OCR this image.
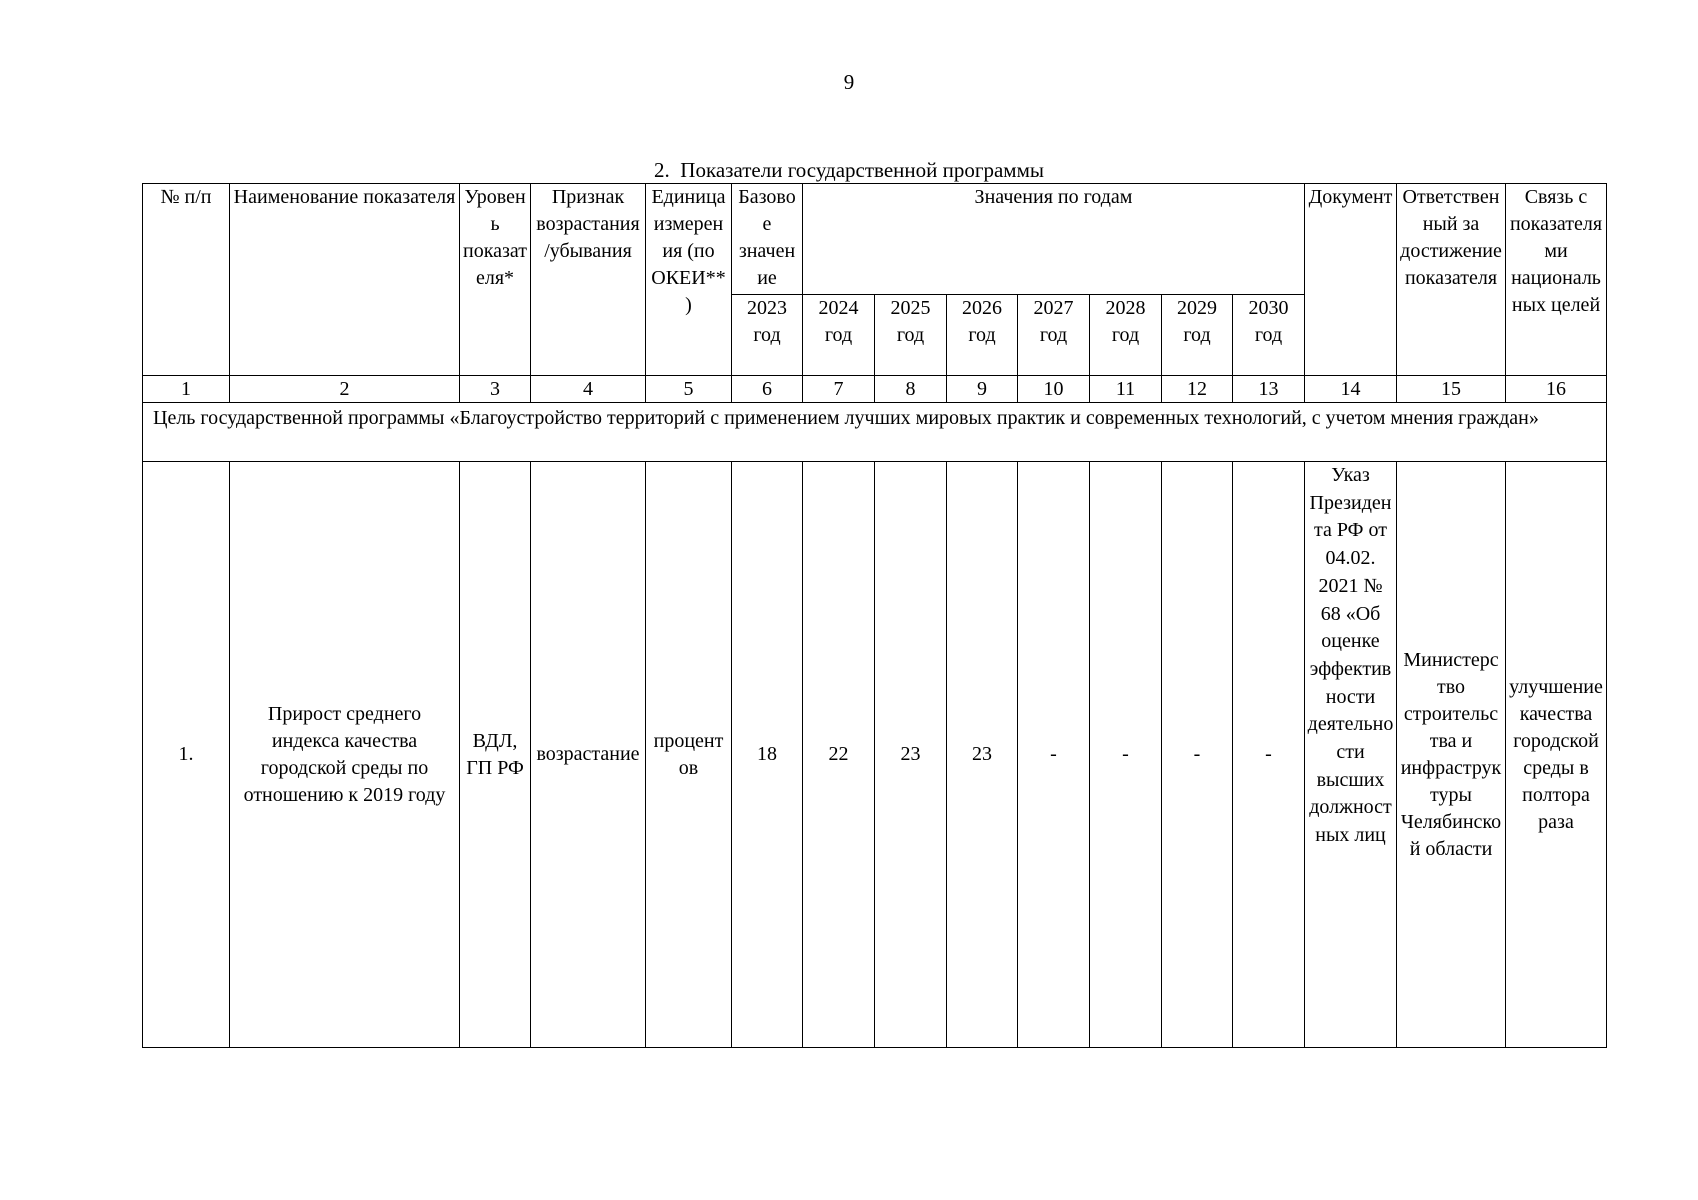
9
2.  Показатели государственной программы
№ п/п	Наименование показателя	Уровень показателя*	Признак возрастания/убывания	Единица измерения (по ОКЕИ**)	Базовое значение	Значения по годам							Документ	Ответственный за достижение показателя	Связь с показателями национальных целей
					2023 год	2024 год	2025 год	2026 год	2027 год	2028 год	2029 год	2030 год			
1	2	3	4	5	6	7	8	9	10	11	12	13	14	15	16
Цель государственной программы «Благоустройство территорий с применением лучших мировых практик и современных технологий, с учетом мнения граждан»															
1.	Прирост среднего индекса качества городской среды по отношению к 2019 году	ВДЛ, ГП РФ	возрастание	процентов	18	22	23	23	-	-	-	-	Указ Президента РФ от 04.02. 2021 № 68 «Об оценке эффективности деятельности высших должностных лиц	Министерство строительства и инфраструктуры Челябинской области	улучшение качества городской среды в полтора раза
